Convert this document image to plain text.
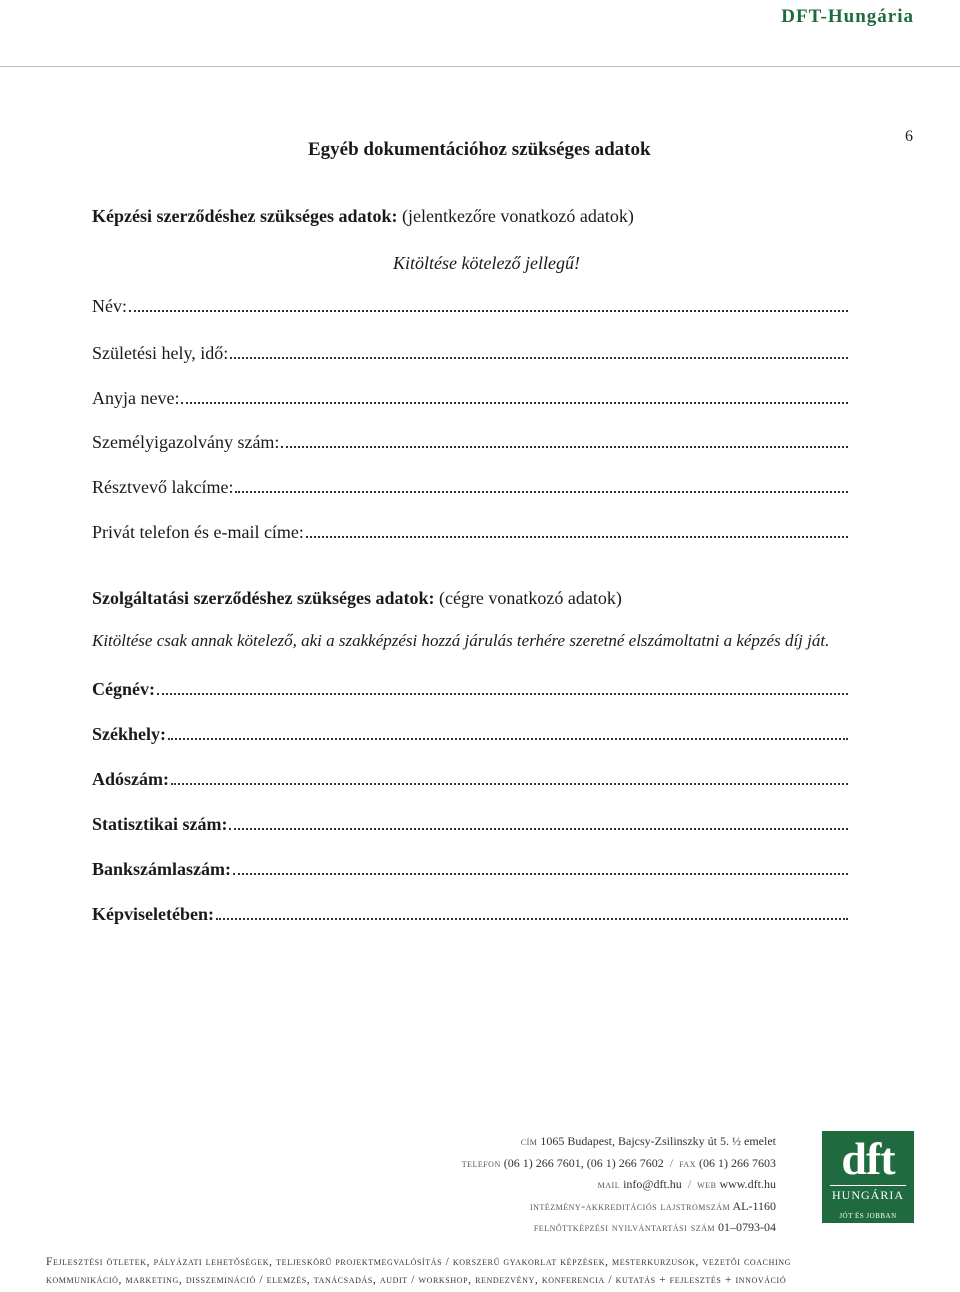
DFT-Hungária
6
Egyéb dokumentációhoz szükséges adatok
Képzési szerződéshez szükséges adatok: (jelentkezőre vonatkozó adatok)
Kitöltése kötelező jellegű!
Név:
Születési hely, idő:
Anyja neve:
Személyigazolvány szám:
Résztvevő lakcíme:
Privát telefon és e-mail címe:
Szolgáltatási szerződéshez szükséges adatok: (cégre vonatkozó adatok)
Kitöltése csak annak kötelező, aki a szakképzési hozzá járulás terhére szeretné elszámoltatni a képzés díj ját.
Cégnév:
Székhely:
Adószám:
Statisztikai szám:
Bankszámlaszám:
Képviseletében:
cím 1065 Budapest, Bajcsy-Zsilinszky út 5. ½ emelet
telefon (06 1) 266 7601, (06 1) 266 7602 / fax (06 1) 266 7603
mail info@dft.hu / web www.dft.hu
intézmény-akkreditációs lajstromszám AL-1160
felnőttképzési nyilvántartási szám 01–0793-04
dft
HUNGÁRIA
JÓT ÉS JOBBAN
Fejlesztési ötletek, pályázati lehetőségek, teljeskörű projektmegvalósítás / korszerű gyakorlat képzések, mesterkurzusok, vezetői coaching
kommunikáció, marketing, disszemináció / elemzés, tanácsadás, audit / workshop, rendezvény, konferencia / kutatás + fejlesztés + innováció
